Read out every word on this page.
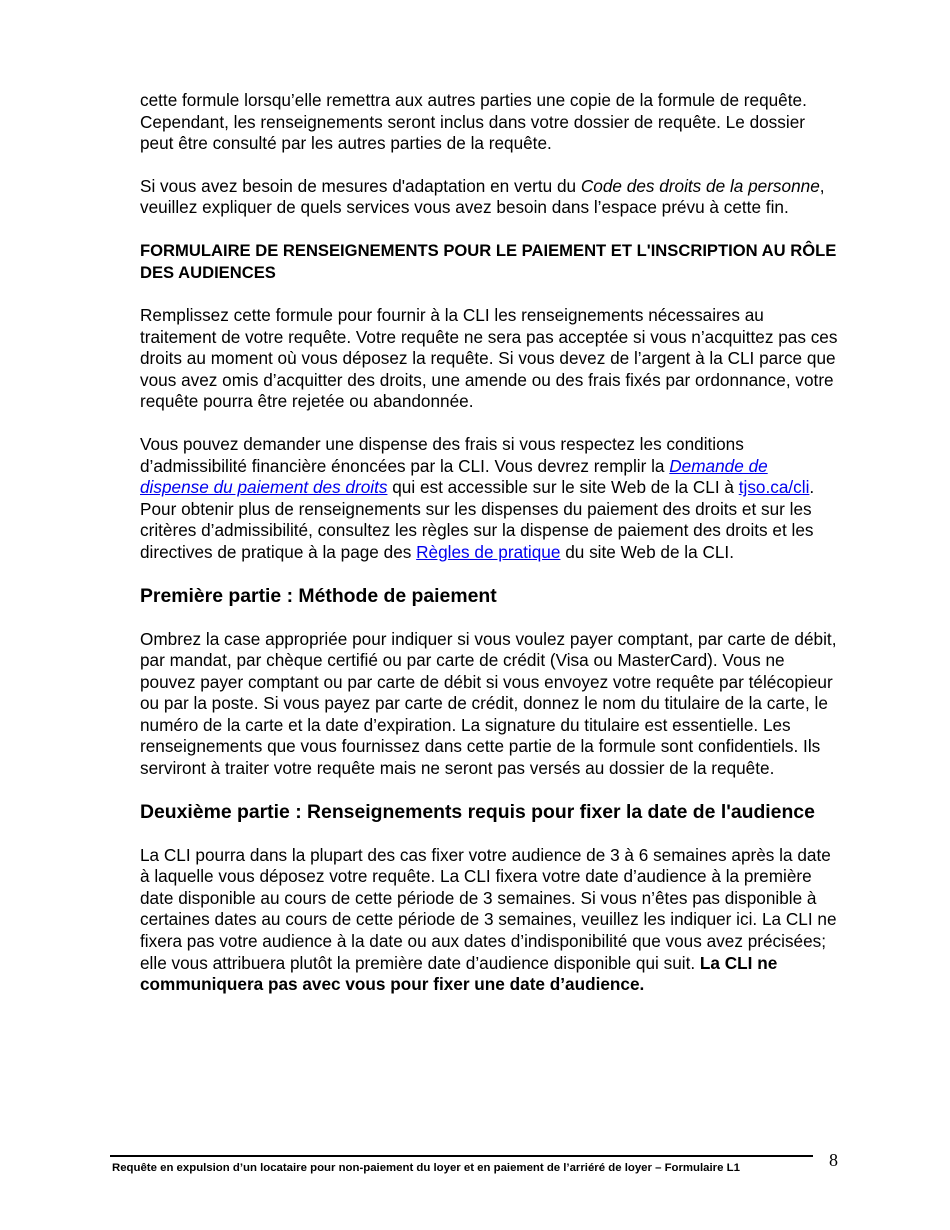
cette formule lorsqu’elle remettra aux autres parties une copie de la formule de requête. Cependant, les renseignements seront inclus dans votre dossier de requête. Le dossier peut être consulté par les autres parties de la requête.

Si vous avez besoin de mesures d'adaptation en vertu du Code des droits de la personne, veuillez expliquer de quels services vous avez besoin dans l’espace prévu à cette fin.

FORMULAIRE DE RENSEIGNEMENTS POUR LE PAIEMENT ET L'INSCRIPTION AU RÔLE DES AUDIENCES

Remplissez cette formule pour fournir à la CLI les renseignements nécessaires au traitement de votre requête. Votre requête ne sera pas acceptée si vous n’acquittez pas ces droits au moment où vous déposez la requête. Si vous devez de l’argent à la CLI parce que vous avez omis d’acquitter des droits, une amende ou des frais fixés par ordonnance, votre requête pourra être rejetée ou abandonnée.

Vous pouvez demander une dispense des frais si vous respectez les conditions d’admissibilité financière énoncées par la CLI. Vous devrez remplir la Demande de dispense du paiement des droits qui est accessible sur le site Web de la CLI à tjso.ca/cli. Pour obtenir plus de renseignements sur les dispenses du paiement des droits et sur les critères d’admissibilité, consultez les règles sur la dispense de paiement des droits et les directives de pratique à la page des Règles de pratique du site Web de la CLI.

Première partie : Méthode de paiement

Ombrez la case appropriée pour indiquer si vous voulez payer comptant, par carte de débit, par mandat, par chèque certifié ou par carte de crédit (Visa ou MasterCard). Vous ne pouvez payer comptant ou par carte de débit si vous envoyez votre requête par télécopieur ou par la poste. Si vous payez par carte de crédit, donnez le nom du titulaire de la carte, le numéro de la carte et la date d’expiration. La signature du titulaire est essentielle. Les renseignements que vous fournissez dans cette partie de la formule sont confidentiels. Ils serviront à traiter votre requête mais ne seront pas versés au dossier de la requête.

Deuxième partie : Renseignements requis pour fixer la date de l'audience

La CLI pourra dans la plupart des cas fixer votre audience de 3 à 6 semaines après la date à laquelle vous déposez votre requête. La CLI fixera votre date d’audience à la première date disponible au cours de cette période de 3 semaines. Si vous n’êtes pas disponible à certaines dates au cours de cette période de 3 semaines, veuillez les indiquer ici. La CLI ne fixera pas votre audience à la date ou aux dates d’indisponibilité que vous avez précisées; elle vous attribuera plutôt la première date d’audience disponible qui suit. La CLI ne communiquera pas avec vous pour fixer une date d’audience.

Requête en expulsion d’un locataire pour non-paiement du loyer et en paiement de l’arriéré de loyer – Formulaire L1	8
